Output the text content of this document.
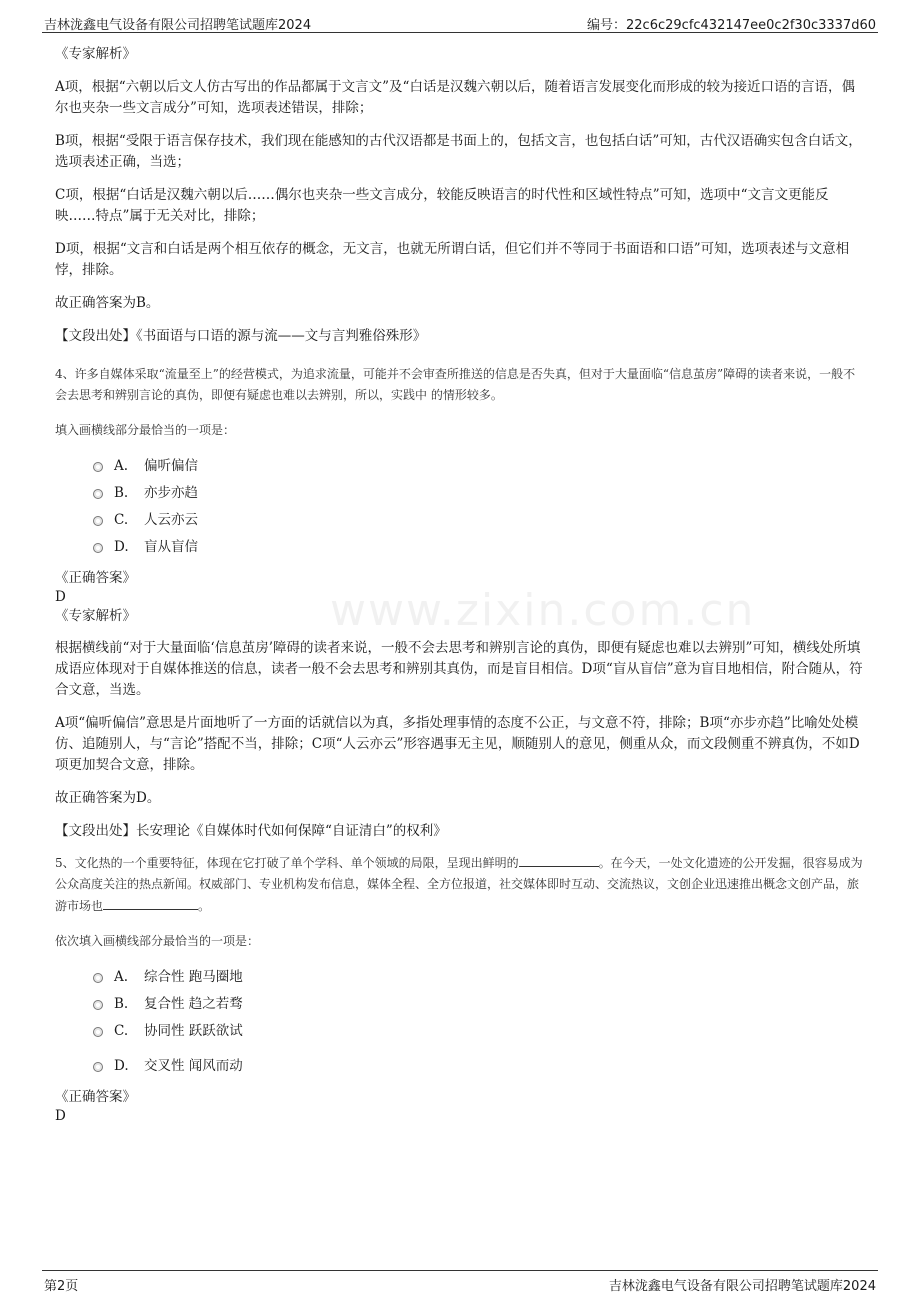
吉林泷鑫电气设备有限公司招聘笔试题库2024	编号：22c6c29cfc432147ee0c2f30c3337d60
www.zixin.com.cn

《专家解析》

A项，根据“六朝以后文人仿古写出的作品都属于文言文”及“白话是汉魏六朝以后，随着语言发展变化而形成的较为接近口语的言语，偶尔也夹杂一些文言成分”可知，选项表述错误，排除；

B项，根据“受限于语言保存技术，我们现在能感知的古代汉语都是书面上的，包括文言，也包括白话”可知，古代汉语确实包含白话文，选项表述正确，当选；

C项，根据“白话是汉魏六朝以后……偶尔也夹杂一些文言成分，较能反映语言的时代性和区域性特点”可知，选项中“文言文更能反映……特点”属于无关对比，排除；

D项，根据“文言和白话是两个相互依存的概念，无文言，也就无所谓白话，但它们并不等同于书面语和口语”可知，选项表述与文意相悖，排除。

故正确答案为B。

【文段出处】《书面语与口语的源与流——文与言判雅俗殊形》

4、许多自媒体采取“流量至上”的经营模式，为追求流量，可能并不会审查所推送的信息是否失真，但对于大量面临“信息茧房”障碍的读者来说，一般不会去思考和辨别言论的真伪，即便有疑虑也难以去辨别，所以，实践中 的情形较多。

填入画横线部分最恰当的一项是：

A. 偏听偏信
B. 亦步亦趋
C. 人云亦云
D. 盲从盲信

《正确答案》

D

《专家解析》

根据横线前“对于大量面临‘信息茧房’障碍的读者来说，一般不会去思考和辨别言论的真伪，即便有疑虑也难以去辨别”可知，横线处所填成语应体现对于自媒体推送的信息，读者一般不会去思考和辨别其真伪，而是盲目相信。D项“盲从盲信”意为盲目地相信，附合随从，符合文意，当选。

A项“偏听偏信”意思是片面地听了一方面的话就信以为真，多指处理事情的态度不公正，与文意不符，排除；B项“亦步亦趋”比喻处处模仿、追随别人，与“言论”搭配不当，排除；C项“人云亦云”形容遇事无主见，顺随别人的意见，侧重从众，而文段侧重不辨真伪，不如D项更加契合文意，排除。

故正确答案为D。

【文段出处】长安理论《自媒体时代如何保障“自证清白”的权利》

5、文化热的一个重要特征，体现在它打破了单个学科、单个领域的局限，呈现出鲜明的	。在今天，一处文化遗迹的公开发掘，很容易成为公众高度关注的热点新闻。权威部门、专业机构发布信息，媒体全程、全方位报道，社交媒体即时互动、交流热议，文创企业迅速推出概念文创产品，旅游市场也	。

依次填入画横线部分最恰当的一项是：

A. 综合性 跑马圈地
B. 复合性 趋之若骛
C. 协同性 跃跃欲试
D. 交叉性 闻风而动

《正确答案》

D

第2页	吉林泷鑫电气设备有限公司招聘笔试题库2024
